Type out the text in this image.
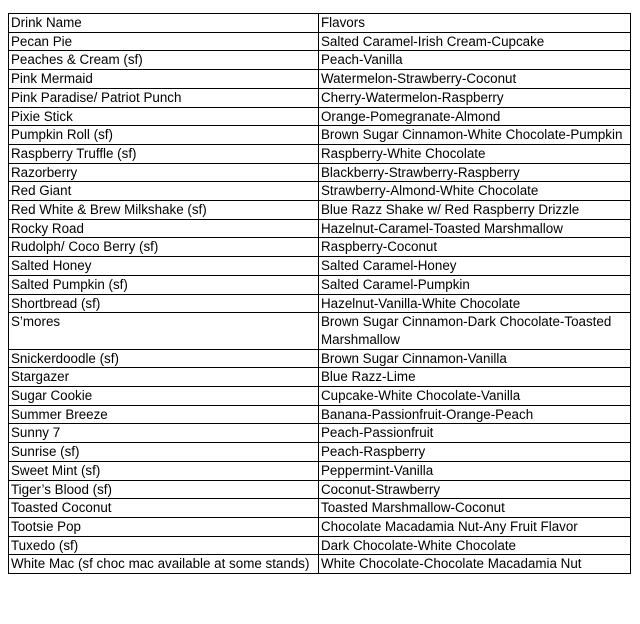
Drink Name	Flavors
Pecan Pie	Salted Caramel-Irish Cream-Cupcake
Peaches & Cream (sf)	Peach-Vanilla
Pink Mermaid	Watermelon-Strawberry-Coconut
Pink Paradise/ Patriot Punch	Cherry-Watermelon-Raspberry
Pixie Stick	Orange-Pomegranate-Almond
Pumpkin Roll (sf)	Brown Sugar Cinnamon-White Chocolate-Pumpkin
Raspberry Truffle (sf)	Raspberry-White Chocolate
Razorberry	Blackberry-Strawberry-Raspberry
Red Giant	Strawberry-Almond-White Chocolate
Red White & Brew Milkshake (sf)	Blue Razz Shake w/ Red Raspberry Drizzle
Rocky Road	Hazelnut-Caramel-Toasted Marshmallow
Rudolph/ Coco Berry (sf)	Raspberry-Coconut
Salted Honey	Salted Caramel-Honey
Salted Pumpkin (sf)	Salted Caramel-Pumpkin
Shortbread (sf)	Hazelnut-Vanilla-White Chocolate
S’mores	Brown Sugar Cinnamon-Dark Chocolate-Toasted Marshmallow
Snickerdoodle (sf)	Brown Sugar Cinnamon-Vanilla
Stargazer	Blue Razz-Lime
Sugar Cookie	Cupcake-White Chocolate-Vanilla
Summer Breeze	Banana-Passionfruit-Orange-Peach
Sunny 7	Peach-Passionfruit
Sunrise (sf)	Peach-Raspberry
Sweet Mint (sf)	Peppermint-Vanilla
Tiger’s Blood (sf)	Coconut-Strawberry
Toasted Coconut	Toasted Marshmallow-Coconut
Tootsie Pop	Chocolate Macadamia Nut-Any Fruit Flavor
Tuxedo (sf)	Dark Chocolate-White Chocolate
White Mac (sf choc mac available at some stands)	White Chocolate-Chocolate Macadamia Nut
